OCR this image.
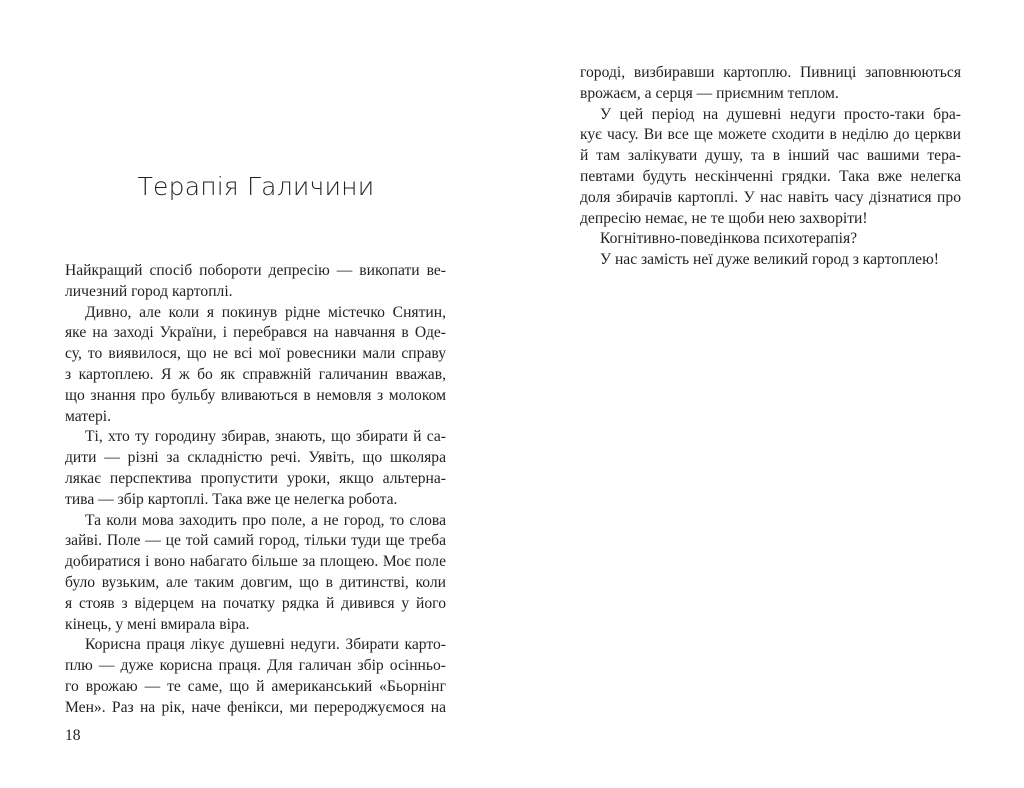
Терапія Галичини
Найкращий спосіб побороти депресію — викопати ве-
личезний город картоплі.
Дивно, але коли я покинув рідне містечко Снятин,
яке на заході України, і перебрався на навчання в Оде-
су, то виявилося, що не всі мої ровесники мали справу
з картоплею. Я ж бо як справжній галичанин вважав,
що знання про бульбу вливаються в немовля з молоком
матері.
Ті, хто ту городину збирав, знають, що збирати й са-
дити — різні за складністю речі. Уявіть, що школяра
лякає перспектива пропустити уроки, якщо альтерна-
тива — збір картоплі. Така вже це нелегка робота.
Та коли мова заходить про поле, а не город, то слова
зайві. Поле — це той самий город, тільки туди ще треба
добиратися і воно набагато більше за площею. Моє поле
було вузьким, але таким довгим, що в дитинстві, коли
я стояв з відерцем на початку рядка й дивився у його
кінець, у мені вмирала віра.
Корисна праця лікує душевні недуги. Збирати карто-
плю — дуже корисна праця. Для галичан збір осінньо-
го врожаю — те саме, що й американський «Бьорнінг
Мен». Раз на рік, наче фенікси, ми перероджуємося на
18
городі, визбиравши картоплю. Пивниці заповнюються
врожаєм, а серця — приємним теплом.
У цей період на душевні недуги просто-таки бра-
кує часу. Ви все ще можете сходити в неділю до церкви
й там залікувати душу, та в інший час вашими тера-
певтами будуть нескінченні грядки. Така вже нелегка
доля збирачів картоплі. У нас навіть часу дізнатися про
депресію немає, не те щоби нею захворіти!
Когнітивно-поведінкова психотерапія?
У нас замість неї дуже великий город з картоплею!
